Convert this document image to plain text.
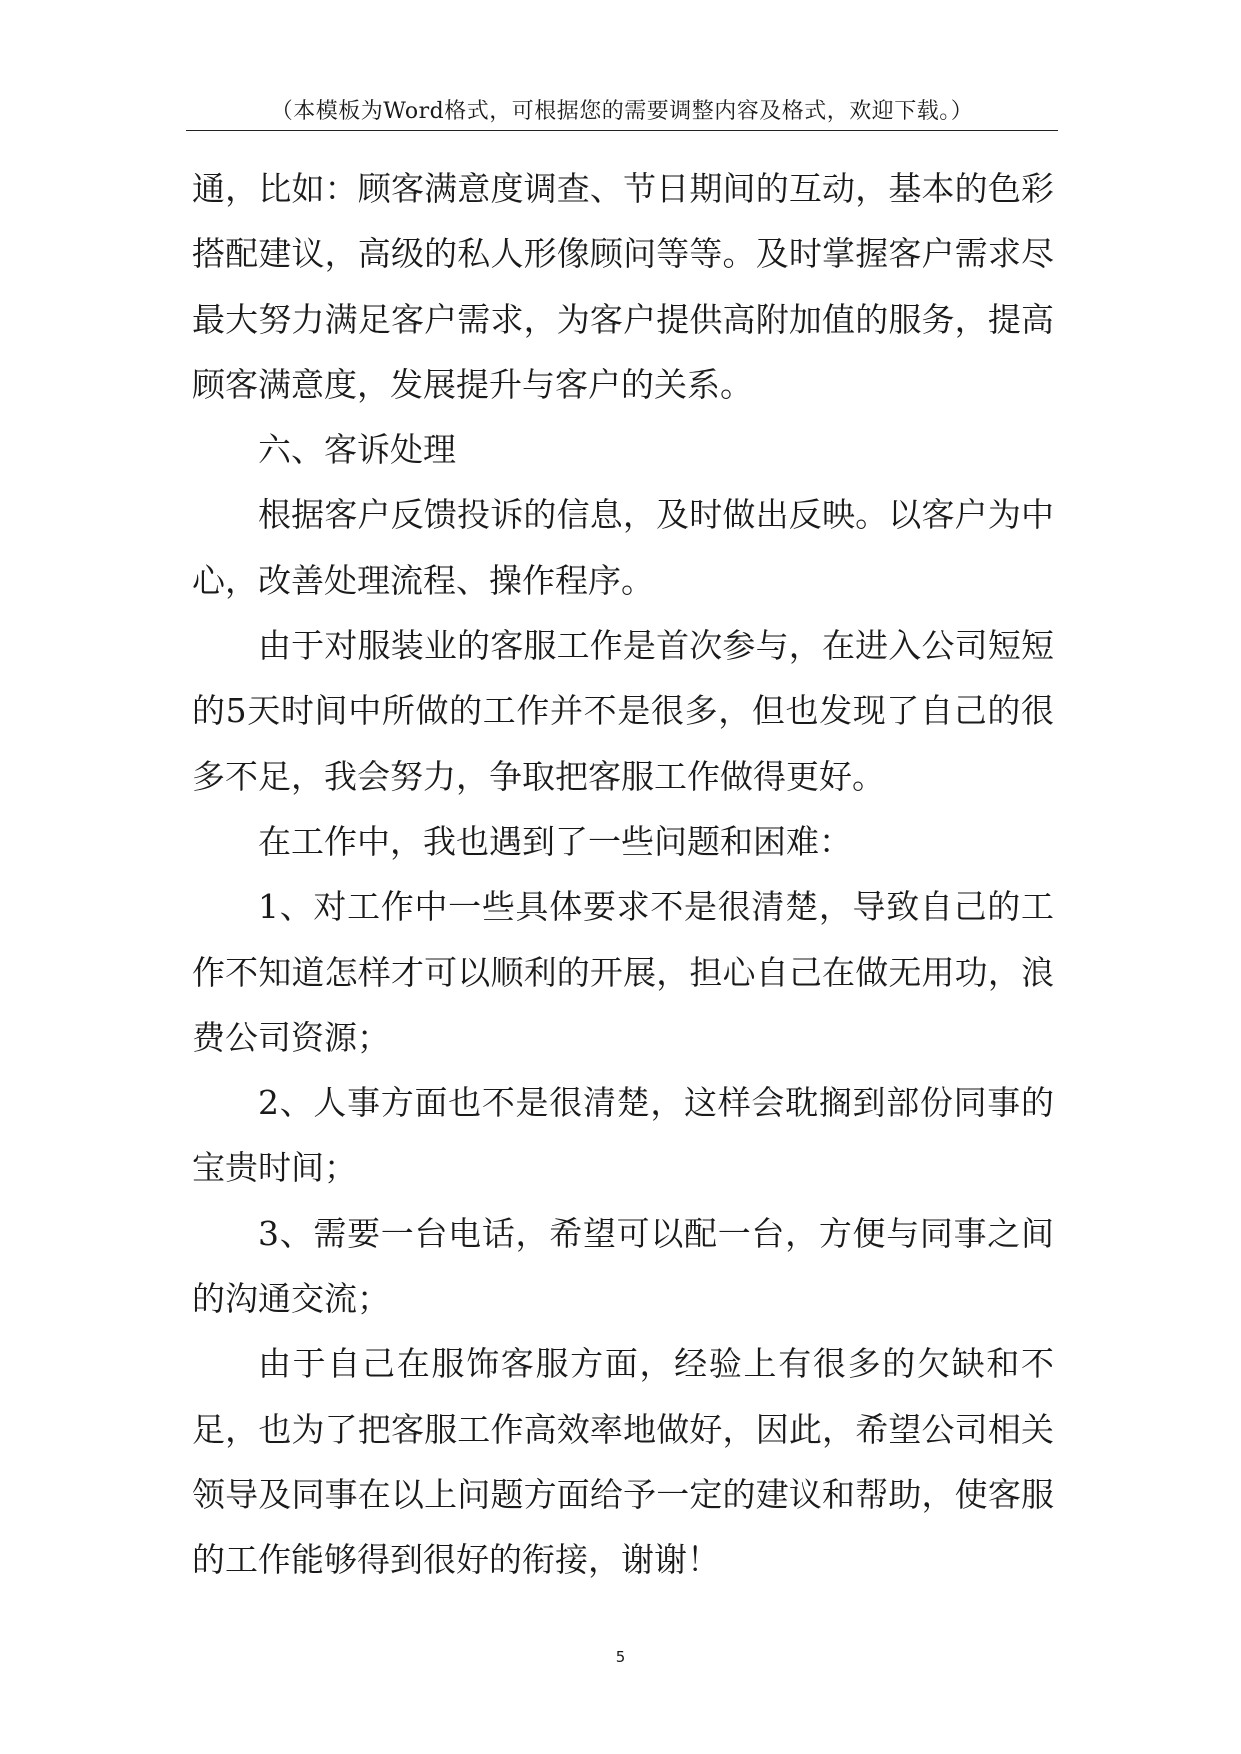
（本模板为Word格式，可根据您的需要调整内容及格式，欢迎下载。）

通，比如：顾客满意度调查、节日期间的互动，基本的色彩搭配建议，高级的私人形像顾问等等。及时掌握客户需求尽最大努力满足客户需求，为客户提供高附加值的服务，提高顾客满意度，发展提升与客户的关系。

六、客诉处理

根据客户反馈投诉的信息，及时做出反映。以客户为中心，改善处理流程、操作程序。

由于对服装业的客服工作是首次参与，在进入公司短短的5天时间中所做的工作并不是很多，但也发现了自己的很多不足，我会努力，争取把客服工作做得更好。

在工作中，我也遇到了一些问题和困难：

1、对工作中一些具体要求不是很清楚，导致自己的工作不知道怎样才可以顺利的开展，担心自己在做无用功，浪费公司资源；

2、人事方面也不是很清楚，这样会耽搁到部份同事的宝贵时间；

3、需要一台电话，希望可以配一台，方便与同事之间的沟通交流；

由于自己在服饰客服方面，经验上有很多的欠缺和不足，也为了把客服工作高效率地做好，因此，希望公司相关领导及同事在以上问题方面给予一定的建议和帮助，使客服的工作能够得到很好的衔接，谢谢！

5
